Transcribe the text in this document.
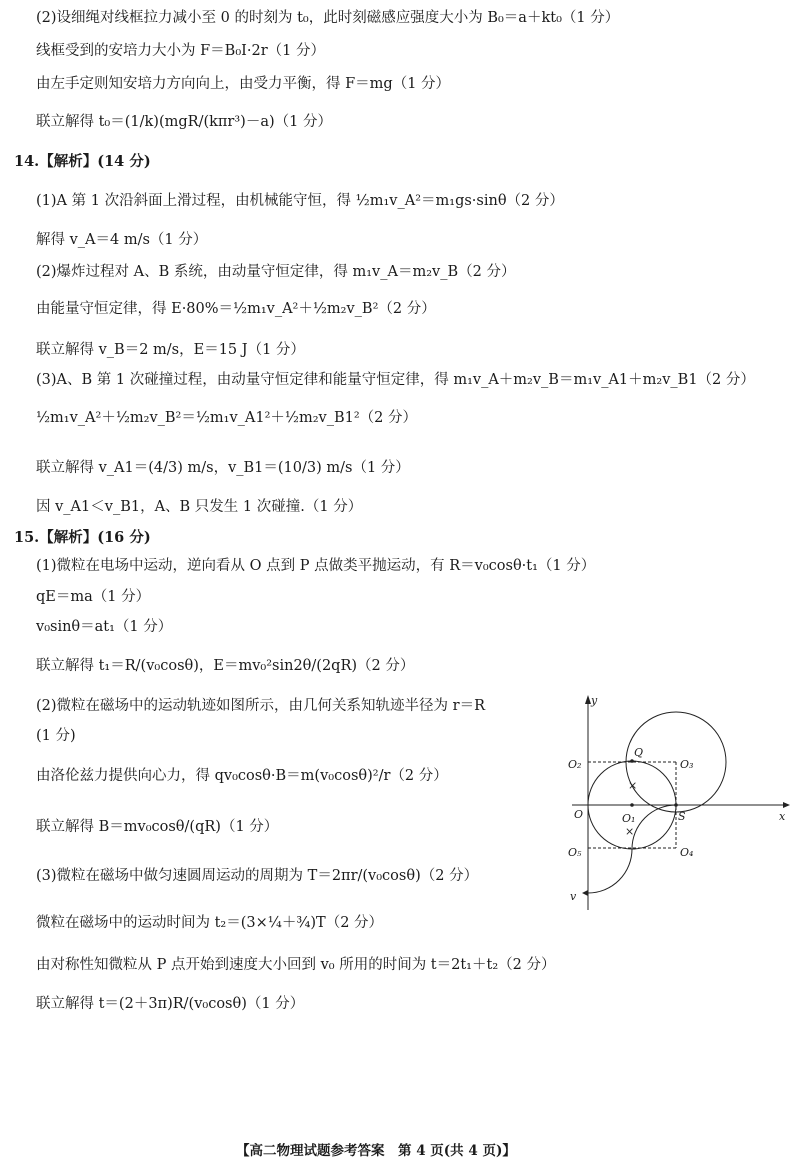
(2)设细绳对线框拉力减小至 0 的时刻为 t₀，此时刻磁感应强度大小为 B₀＝a＋kt₀（1 分）
线框受到的安培力大小为 F＝B₀I·2r（1 分）
由左手定则知安培力方向向上，由受力平衡，得 F＝mg（1 分）
联立解得 t₀＝(1/k)(mgR/(kπr³)－a)（1 分）
14.【解析】(14 分)
(1)A 第 1 次沿斜面上滑过程，由机械能守恒，得 ½m₁v_A²＝m₁gs·sinθ（2 分）
解得 v_A＝4 m/s（1 分）
(2)爆炸过程对 A、B 系统，由动量守恒定律，得 m₁v_A＝m₂v_B（2 分）
由能量守恒定律，得 E·80%＝½m₁v_A²＋½m₂v_B²（2 分）
联立解得 v_B＝2 m/s，E＝15 J（1 分）
(3)A、B 第 1 次碰撞过程，由动量守恒定律和能量守恒定律，得 m₁v_A＋m₂v_B＝m₁v_A1＋m₂v_B1（2 分）
½m₁v_A²＋½m₂v_B²＝½m₁v_A1²＋½m₂v_B1²（2 分）
联立解得 v_A1＝(4/3) m/s，v_B1＝(10/3) m/s（1 分）
因 v_A1＜v_B1，A、B 只发生 1 次碰撞.（1 分）
15.【解析】(16 分)
(1)微粒在电场中运动，逆向看从 O 点到 P 点做类平抛运动，有 R＝v₀cosθ·t₁（1 分）
qE＝ma（1 分）
v₀sinθ＝at₁（1 分）
联立解得 t₁＝R/(v₀cosθ)，E＝mv₀²sin2θ/(2qR)（2 分）
(2)微粒在磁场中的运动轨迹如图所示，由几何关系知轨迹半径为 r＝R
(1 分)
由洛伦兹力提供向心力，得 qv₀cosθ·B＝m(v₀cosθ)²/r（2 分）
联立解得 B＝mv₀cosθ/(qR)（1 分）
(3)微粒在磁场中做匀速圆周运动的周期为 T＝2πr/(v₀cosθ)（2 分）
微粒在磁场中的运动时间为 t₂＝(3×¼＋¾)T（2 分）
由对称性知微粒从 P 点开始到速度大小回到 v₀ 所用的时间为 t＝2t₁＋t₂（2 分）
联立解得 t＝(2＋3π)R/(v₀cosθ)（1 分）
y
x
O	O₁
O₂	O₃
O₄
O₅
Q
S
v
×
×
【高二物理试题参考答案　第 4 页(共 4 页)】
